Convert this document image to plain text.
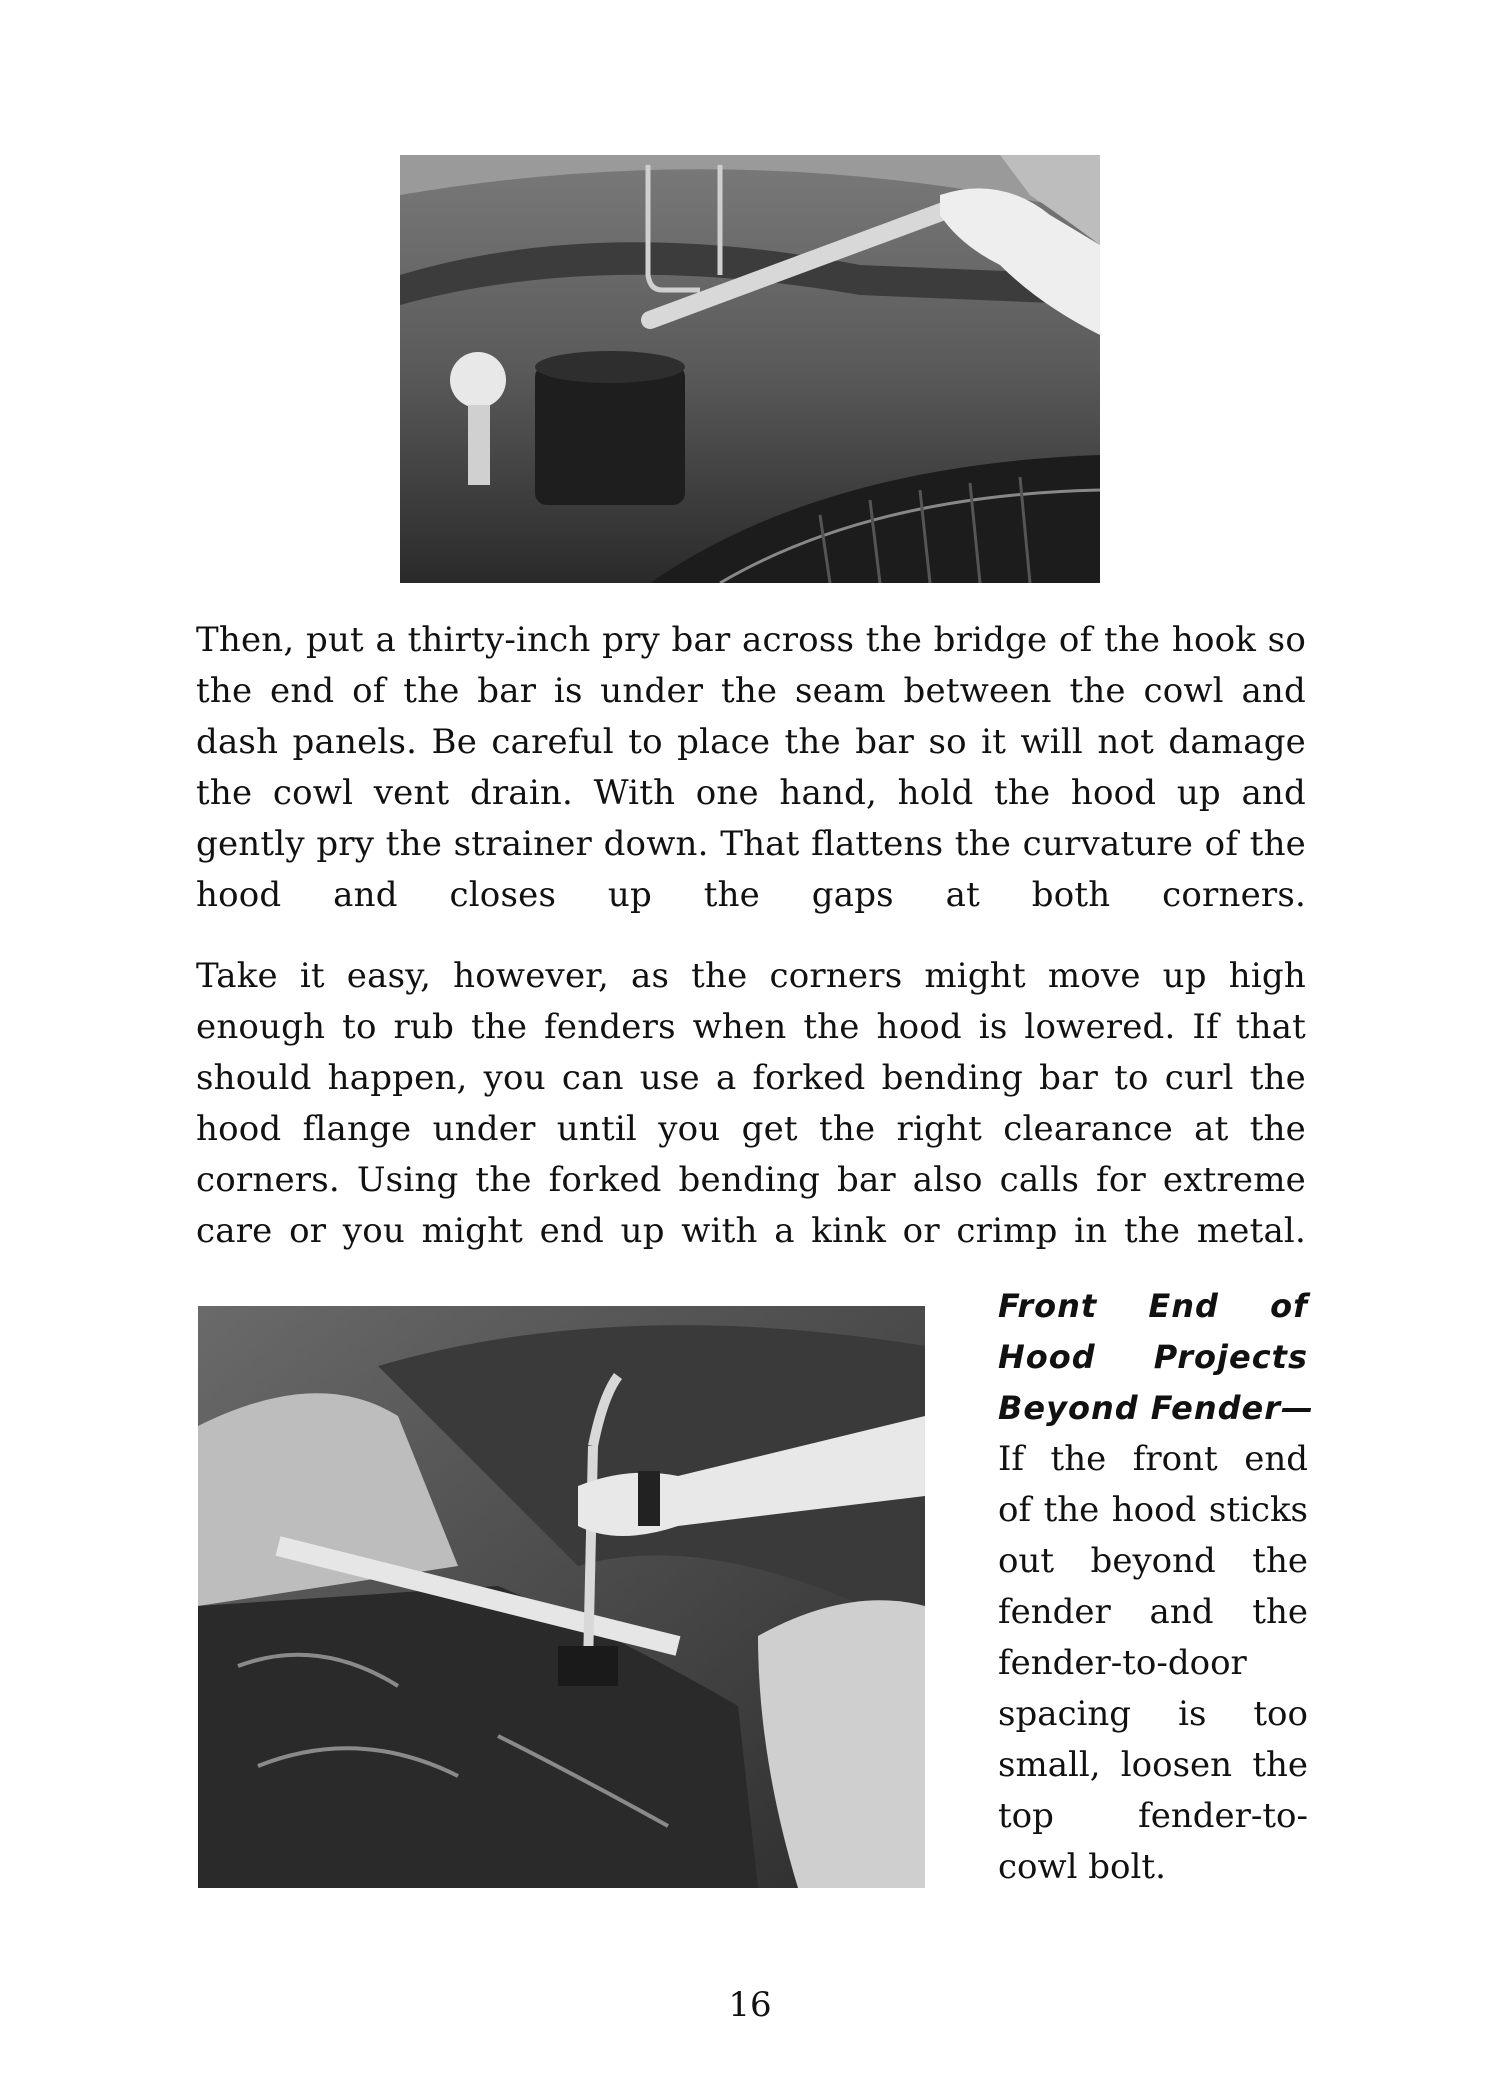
Then, put a thirty-inch pry bar across the bridge of the hook so the end of the bar is under the seam between the cowl and dash panels. Be careful to place the bar so it will not damage the cowl vent drain. With one hand, hold the hood up and gently pry the strainer down. That flattens the curvature of the hood and closes up the gaps at both corners.

Take it easy, however, as the corners might move up high enough to rub the fenders when the hood is lowered. If that should happen, you can use a forked bending bar to curl the hood flange under until you get the right clearance at the corners. Using the forked bending bar also calls for extreme care or you might end up with a kink or crimp in the metal.

Front End of
Hood Projects
Beyond Fender—
If the front end
of the hood sticks
out beyond the
fender and the
fender-to-door
spacing is too
small, loosen the
top fender-to-
cowl bolt.
16
